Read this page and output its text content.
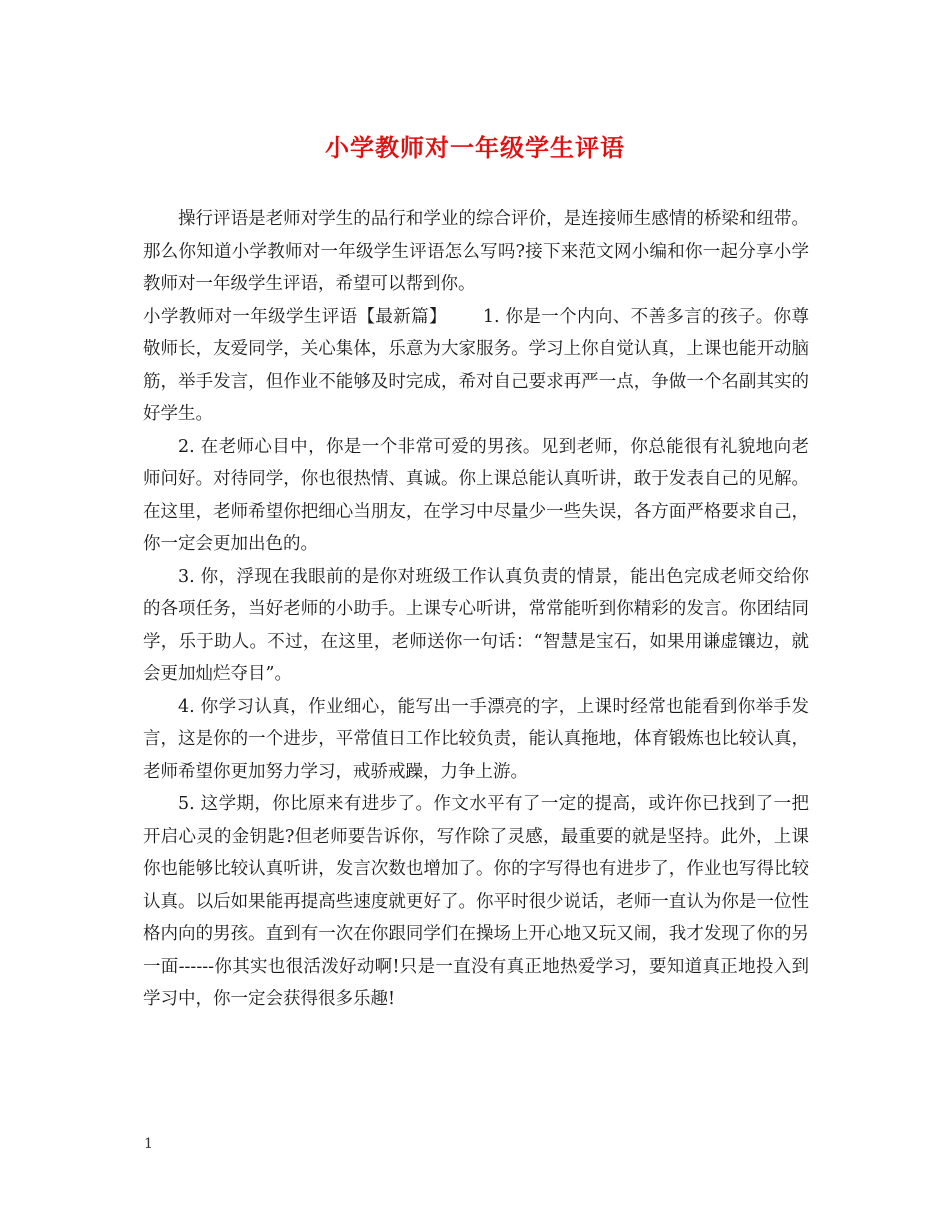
小学教师对一年级学生评语

操行评语是老师对学生的品行和学业的综合评价，是连接师生感情的桥梁和纽带。那么你知道小学教师对一年级学生评语怎么写吗?接下来范文网小编和你一起分享小学教师对一年级学生评语，希望可以帮到你。

小学教师对一年级学生评语【最新篇】 1. 你是一个内向、不善多言的孩子。你尊敬师长，友爱同学，关心集体，乐意为大家服务。学习上你自觉认真，上课也能开动脑筋，举手发言，但作业不能够及时完成，希对自己要求再严一点，争做一个名副其实的好学生。

2. 在老师心目中，你是一个非常可爱的男孩。见到老师，你总能很有礼貌地向老师问好。对待同学，你也很热情、真诚。你上课总能认真听讲，敢于发表自己的见解。在这里，老师希望你把细心当朋友，在学习中尽量少一些失误，各方面严格要求自己，你一定会更加出色的。

3. 你，浮现在我眼前的是你对班级工作认真负责的情景，能出色完成老师交给你的各项任务，当好老师的小助手。上课专心听讲，常常能听到你精彩的发言。你团结同学，乐于助人。不过，在这里，老师送你一句话：“智慧是宝石，如果用谦虚镶边，就会更加灿烂夺目”。

4. 你学习认真，作业细心，能写出一手漂亮的字，上课时经常也能看到你举手发言，这是你的一个进步，平常值日工作比较负责，能认真拖地，体育锻炼也比较认真，老师希望你更加努力学习，戒骄戒躁，力争上游。

5. 这学期，你比原来有进步了。作文水平有了一定的提高，或许你已找到了一把开启心灵的金钥匙?但老师要告诉你，写作除了灵感，最重要的就是坚持。此外，上课你也能够比较认真听讲，发言次数也增加了。你的字写得也有进步了，作业也写得比较认真。以后如果能再提高些速度就更好了。你平时很少说话，老师一直认为你是一位性格内向的男孩。直到有一次在你跟同学们在操场上开心地又玩又闹，我才发现了你的另一面------你其实也很活泼好动啊!只是一直没有真正地热爱学习，要知道真正地投入到学习中，你一定会获得很多乐趣!

1
